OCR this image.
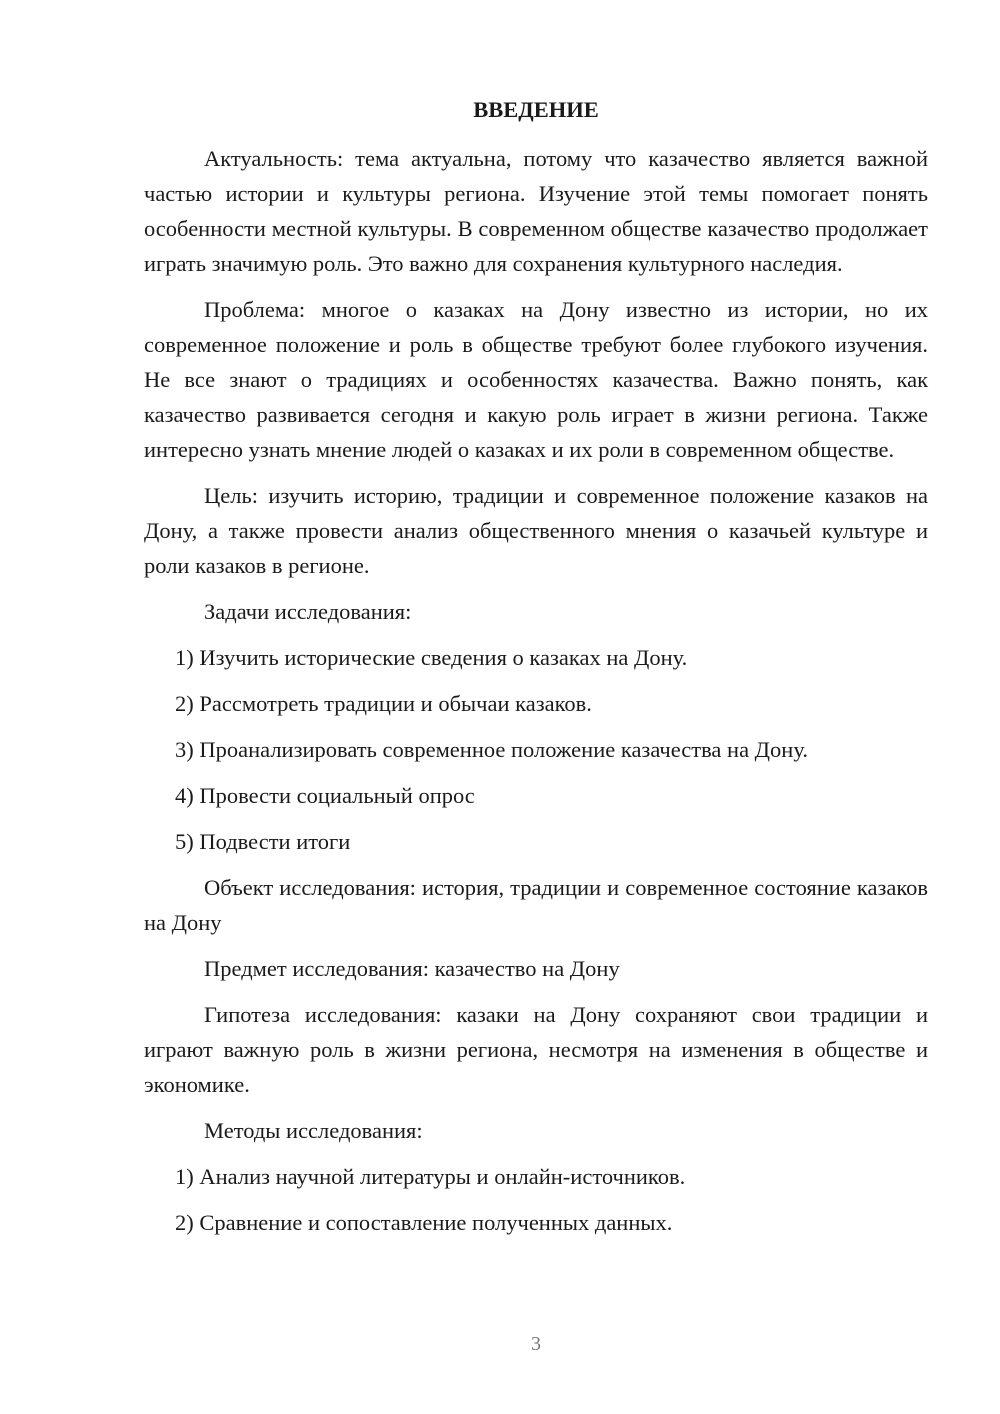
ВВЕДЕНИЕ

Актуальность: тема актуальна, потому что казачество является важной частью истории и культуры региона. Изучение этой темы помогает понять особенности местной культуры. В современном обществе казачество продолжает играть значимую роль. Это важно для сохранения культурного наследия.

Проблема: многое о казаках на Дону известно из истории, но их современное положение и роль в обществе требуют более глубокого изучения. Не все знают о традициях и особенностях казачества. Важно понять, как казачество развивается сегодня и какую роль играет в жизни региона. Также интересно узнать мнение людей о казаках и их роли в современном обществе.

Цель: изучить историю, традиции и современное положение казаков на Дону, а также провести анализ общественного мнения о казачьей культуре и роли казаков в регионе.

Задачи исследования:

1) Изучить исторические сведения о казаках на Дону.

2) Рассмотреть традиции и обычаи казаков.

3) Проанализировать современное положение казачества на Дону.

4) Провести социальный опрос

5) Подвести итоги

Объект исследования: история, традиции и современное состояние казаков на Дону

Предмет исследования: казачество на Дону

Гипотеза исследования: казаки на Дону сохраняют свои традиции и играют важную роль в жизни региона, несмотря на изменения в обществе и экономике.

Методы исследования:

1) Анализ научной литературы и онлайн-источников.

2) Сравнение и сопоставление полученных данных.

3
